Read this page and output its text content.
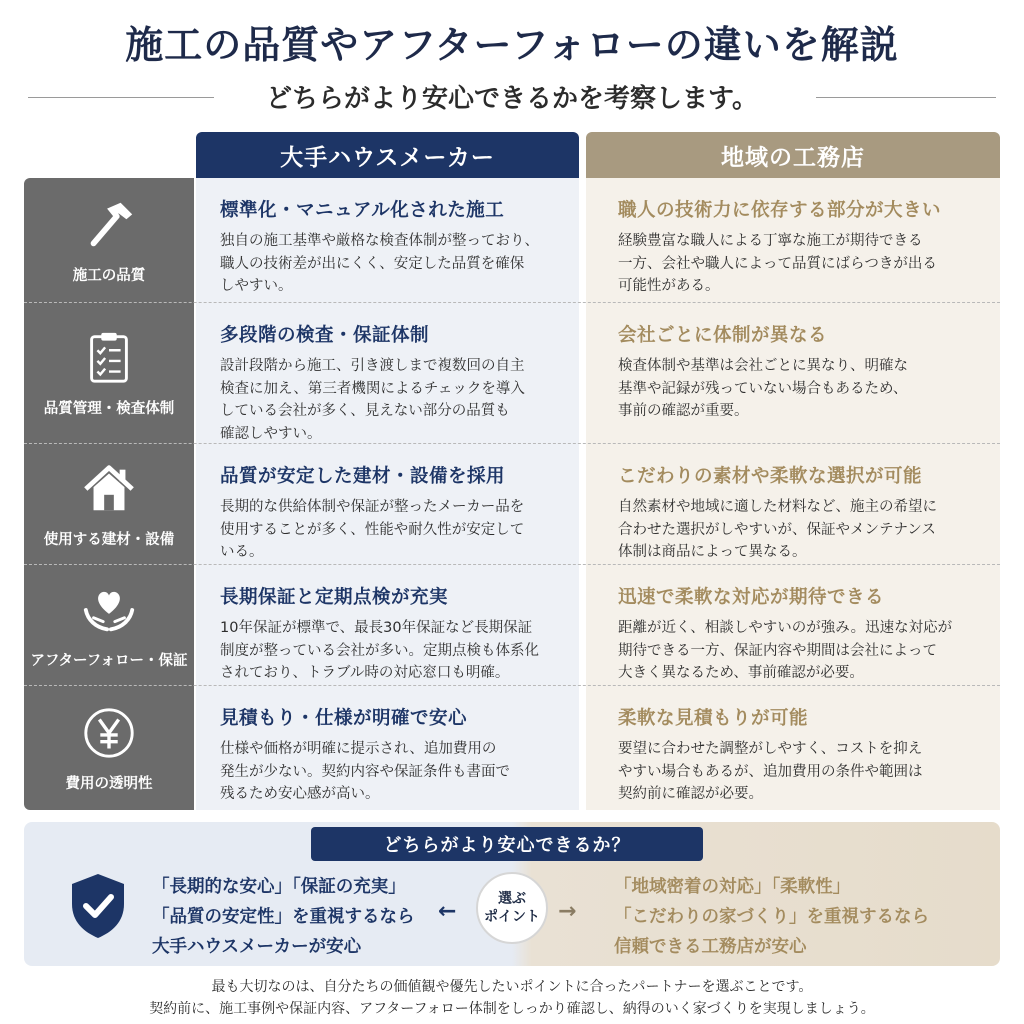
施工の品質やアフターフォローの違いを解説
どちらがより安心できるかを考察します。
大手ハウスメーカー	地域の工務店
施工の品質
標準化・マニュアル化された施工
独自の施工基準や厳格な検査体制が整っており、
職人の技術差が出にくく、安定した品質を確保
しやすい。
職人の技術力に依存する部分が大きい
経験豊富な職人による丁寧な施工が期待できる
一方、会社や職人によって品質にばらつきが出る
可能性がある。
品質管理・検査体制
多段階の検査・保証体制
設計段階から施工、引き渡しまで複数回の自主
検査に加え、第三者機関によるチェックを導入
している会社が多く、見えない部分の品質も
確認しやすい。
会社ごとに体制が異なる
検査体制や基準は会社ごとに異なり、明確な
基準や記録が残っていない場合もあるため、
事前の確認が重要。
使用する建材・設備
品質が安定した建材・設備を採用
長期的な供給体制や保証が整ったメーカー品を
使用することが多く、性能や耐久性が安定して
いる。
こだわりの素材や柔軟な選択が可能
自然素材や地域に適した材料など、施主の希望に
合わせた選択がしやすいが、保証やメンテナンス
体制は商品によって異なる。
アフターフォロー・保証
長期保証と定期点検が充実
10年保証が標準で、最長30年保証など長期保証
制度が整っている会社が多い。定期点検も体系化
されており、トラブル時の対応窓口も明確。
迅速で柔軟な対応が期待できる
距離が近く、相談しやすいのが強み。迅速な対応が
期待できる一方、保証内容や期間は会社によって
大きく異なるため、事前確認が必要。
費用の透明性
見積もり・仕様が明確で安心
仕様や価格が明確に提示され、追加費用の
発生が少ない。契約内容や保証条件も書面で
残るため安心感が高い。
柔軟な見積もりが可能
要望に合わせた調整がしやすく、コストを抑え
やすい場合もあるが、追加費用の条件や範囲は
契約前に確認が必要。
どちらがより安心できるか？
「長期的な安心」「保証の充実」
「品質の安定性」を重視するなら
大手ハウスメーカーが安心
←	選ぶ
ポイント →
「地域密着の対応」「柔軟性」
「こだわりの家づくり」を重視するなら
信頼できる工務店が安心
最も大切なのは、自分たちの価値観や優先したいポイントに合ったパートナーを選ぶことです。
契約前に、施工事例や保証内容、アフターフォロー体制をしっかり確認し、納得のいく家づくりを実現しましょう。
